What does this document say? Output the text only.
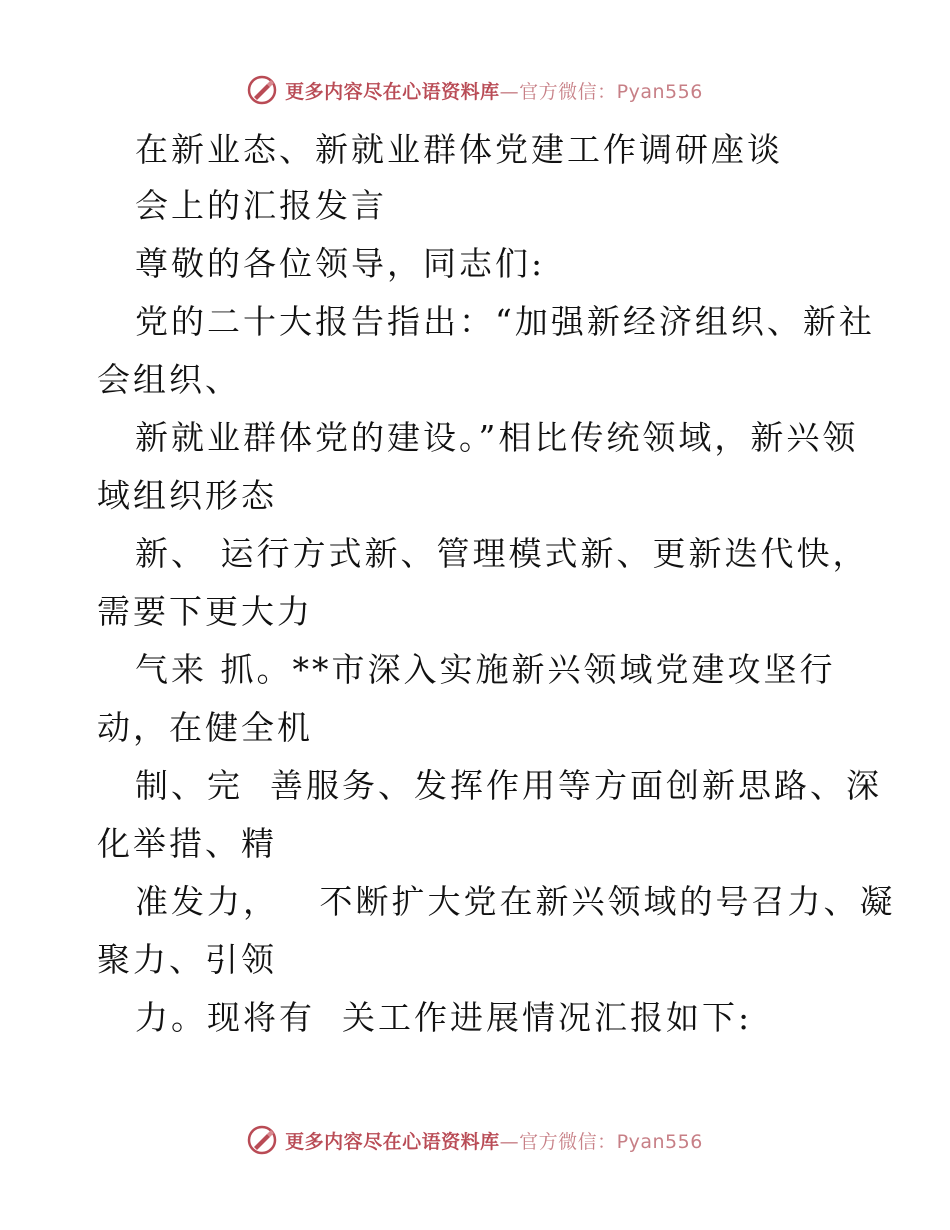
更多内容尽在心语资料库—官方微信：Pyan556
在新业态、新就业群体党建工作调研座谈
会上的汇报发言
尊敬的各位领导，同志们:
党的二十大报告指出：“加强新经济组织、新社
会组织、
新就业群体党的建设。”相比传统领域，新兴领
域组织形态
新、 运行方式新、管理模式新、更新迭代快，
需要下更大力
气来 抓。**市深入实施新兴领域党建攻坚行
动，在健全机
制、完  善服务、发挥作用等方面创新思路、深
化举措、精
准发力，   不断扩大党在新兴领域的号召力、凝
聚力、引领
力。现将有  关工作进展情况汇报如下:
更多内容尽在心语资料库—官方微信：Pyan556
